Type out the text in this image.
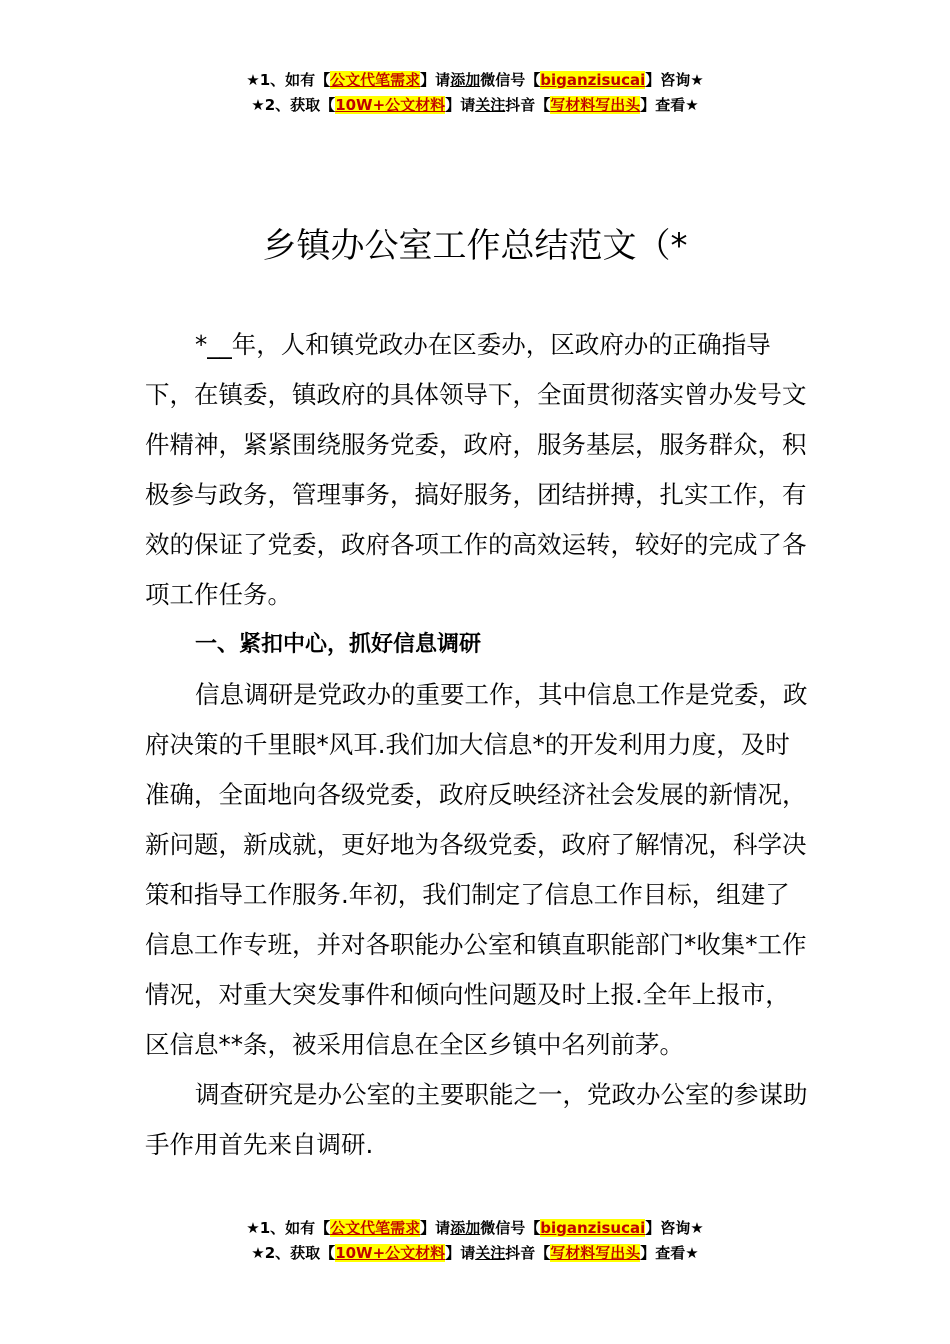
★1、如有【公文代笔需求】请添加微信号【biganzisucai】咨询★
★2、获取【10W+公文材料】请关注抖音【写材料写出头】查看★
乡镇办公室工作总结范文（*

*__年，人和镇党政办在区委办，区政府办的正确指导下，在镇委，镇政府的具体领导下，全面贯彻落实曾办发号文件精神，紧紧围绕服务党委，政府，服务基层，服务群众，积极参与政务，管理事务，搞好服务，团结拼搏，扎实工作，有效的保证了党委，政府各项工作的高效运转，较好的完成了各项工作任务。

一、紧扣中心，抓好信息调研

信息调研是党政办的重要工作，其中信息工作是党委，政府决策的千里眼*风耳.我们加大信息*的开发利用力度，及时准确，全面地向各级党委，政府反映经济社会发展的新情况，新问题，新成就，更好地为各级党委，政府了解情况，科学决策和指导工作服务.年初，我们制定了信息工作目标，组建了信息工作专班，并对各职能办公室和镇直职能部门*收集*工作情况，对重大突发事件和倾向性问题及时上报.全年上报市，区信息**条，被采用信息在全区乡镇中名列前茅。

调查研究是办公室的主要职能之一，党政办公室的参谋助手作用首先来自调研.

★1、如有【公文代笔需求】请添加微信号【biganzisucai】咨询★
★2、获取【10W+公文材料】请关注抖音【写材料写出头】查看★
